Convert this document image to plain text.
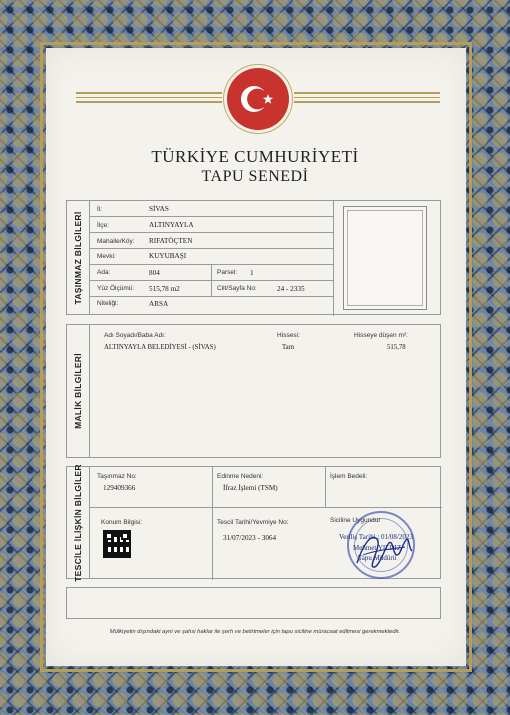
TÜRKİYE CUMHURİYETİ
TAPU SENEDİ
TAŞINMAZ BİLGİLERİ
İl:	SİVAS
İlçe:	ALTINYAYLA
Mahalle/Köy: RIFATÖÇTEN
Mevki:	KUYUBAŞI
Ada:	804	Parsel: 1
Yüz Ölçümü: 515,78 m2	Cilt/Sayfa No:	24 - 2335
Niteliği:	ARSA
MALİK BİLGİLERİ
Adı Soyadı/Baba Adı:	Hissesi:	Hisseye düşen m²:
ALTINYAYLA BELEDİYESİ - (SİVAS)	Tam	515,78
TESCİLE İLİŞKİN BİLGİLER Taşınmaz No:
129409366
Edinme Nedeni:
İfraz İşlemi (TSM)
İşlem Bedeli:
Konum Bilgisi:	Tescil Tarihi/Yevmiye No:
31/07/2023 - 3064
Siciline Uygundur
Veriliş Tarihi : 01/08/2023
Mehmet YILDIZ
Tapu Müdürü
Mülkiyetin dışındaki ayni ve şahsi haklar ile şerh ve belirtmeler için tapu siciline müracaat edilmesi gerekmektedir.
